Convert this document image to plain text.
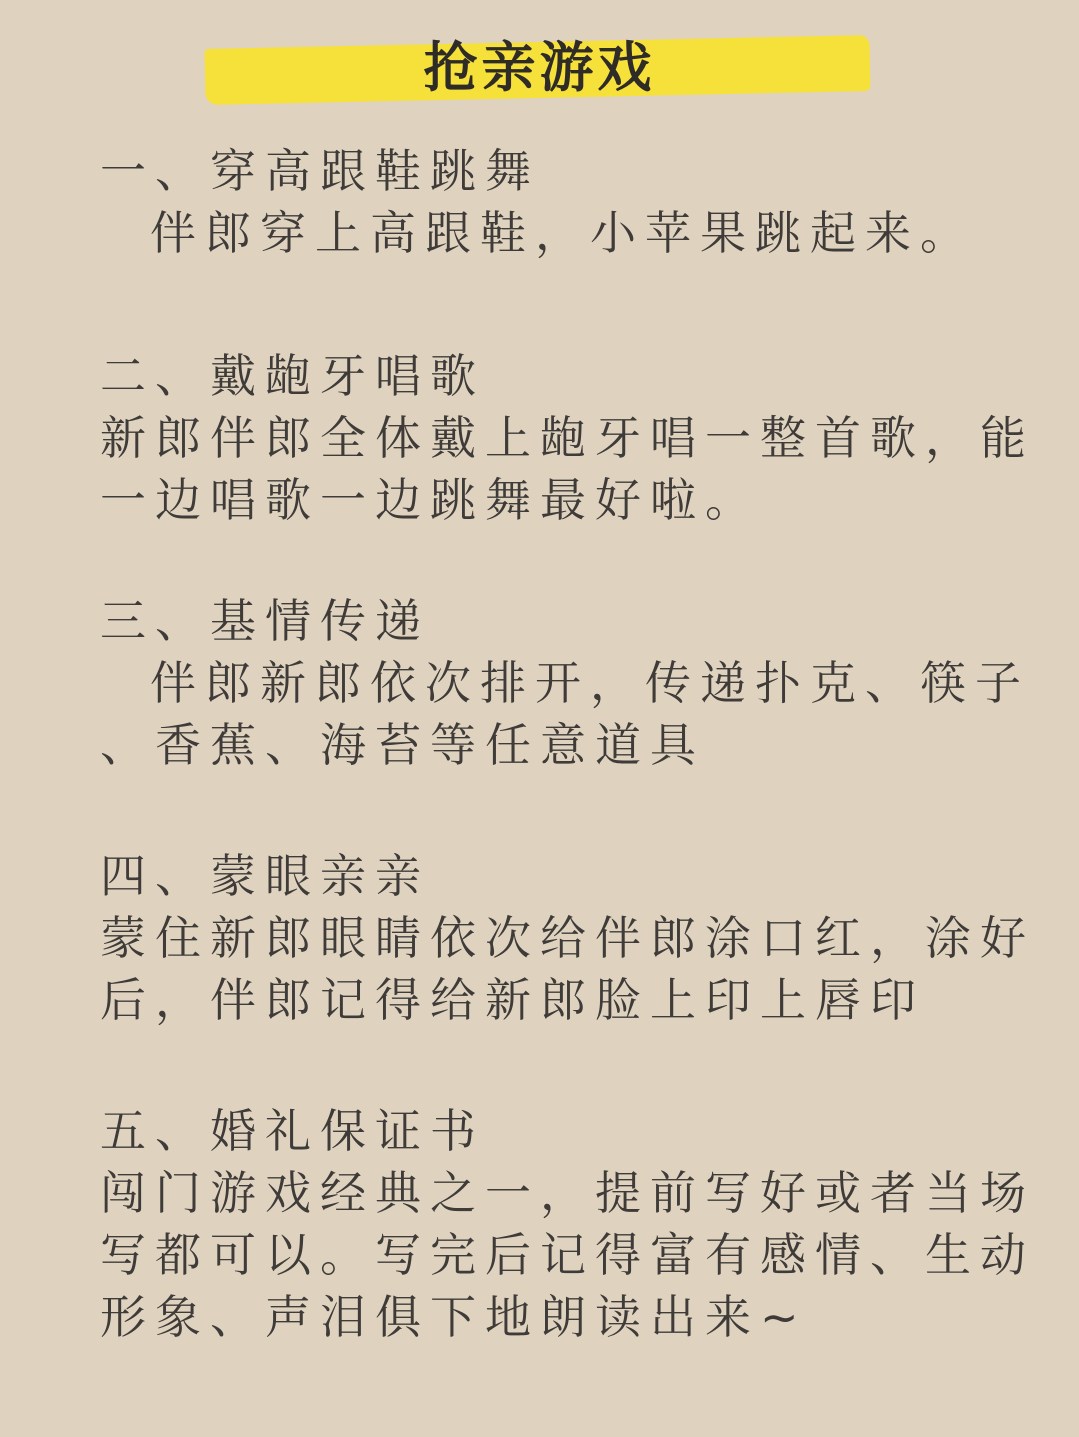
抢亲游戏
一、穿高跟鞋跳舞
伴郎穿上高跟鞋，小苹果跳起来。
二、戴龅牙唱歌
新郎伴郎全体戴上龅牙唱一整首歌，能
一边唱歌一边跳舞最好啦。
三、基情传递
伴郎新郎依次排开，传递扑克、筷子
、香蕉、海苔等任意道具
四、蒙眼亲亲
蒙住新郎眼睛依次给伴郎涂口红，涂好
后，伴郎记得给新郎脸上印上唇印
五、婚礼保证书
闯门游戏经典之一，提前写好或者当场
写都可以。写完后记得富有感情、生动
形象、声泪俱下地朗读出来~
